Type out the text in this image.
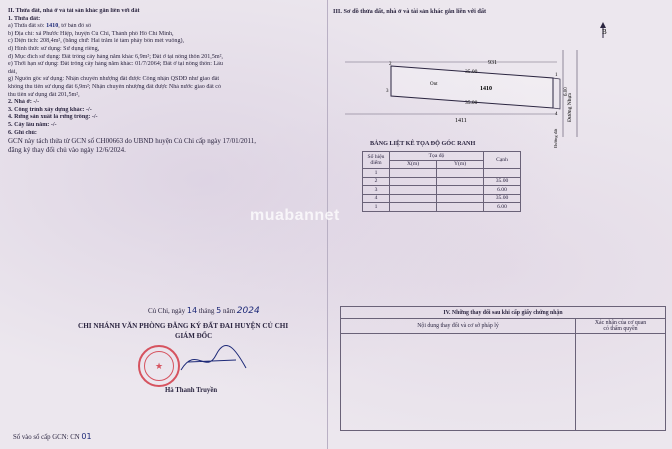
II. Thửa đất, nhà ở và tài sản khác gắn liền với đất
1. Thửa đất:
a) Thửa đất số: 1410, tờ bản đồ số
b) Địa chỉ: xã Phước Hiệp, huyện Củ Chi, Thành phố Hồ Chí Minh,
c) Diện tích: 208,4m², (bằng chữ: Hai trăm lẻ tám phẩy bốn mét vuông),
d) Hình thức sử dụng: Sử dụng riêng,
đ) Mục đích sử dụng: Đất trồng cây hàng năm khác 6,9m²; Đất ở tại nông thôn 201,5m²,
e) Thời hạn sử dụng: Đất trồng cây hàng năm khác: 01/7/2064; Đất ở tại nông thôn: Lâu
dài,
g) Nguồn gốc sử dụng: Nhận chuyển nhượng đất được Công nhận QSDĐ như giao đất
không thu tiền sử dụng đất 6,9m²; Nhận chuyển nhượng đất được Nhà nước giao đất có
thu tiền sử dụng đất 201,5m²,
2. Nhà ở: -/-
3. Công trình xây dựng khác: -/-
4. Rừng sản xuất là rừng trồng: -/-
5. Cây lâu năm: -/-
6. Ghi chú:
GCN này tách thửa từ GCN số CH00663 do UBND huyện Củ Chi cấp ngày 17/01/2011,
đăng ký thay đổi chủ vào ngày 12/6/2024.
Củ Chi, ngày 14 tháng 5 năm 2024
CHI NHÁNH VĂN PHÒNG ĐĂNG KÝ ĐẤT ĐAI HUYỆN CỦ CHI
GIÁM ĐỐC
★
Hà Thanh Truyền
Số vào sổ cấp GCN: CN 01
III. Sơ đồ thửa đất, nhà ở và tài sản khác gắn liền với đất
B
Đường Nhựa
Đường đất
931
35.00
Ont
1410
35.00
6.00
1411
2
3
1
4
BẢNG LIỆT KÊ TỌA ĐỘ GÓC RANH
Số hiệu điểm	Tọa độ		Cạnh
	X(m)	Y(m)	
1			
2			35.00
3			6.00
4			35.00
1			6.00
muabannet
IV. Những thay đổi sau khi cấp giấy chứng nhận	
Nội dung thay đổi và cơ sở pháp lý	Xác nhận của cơ quan
có thẩm quyền
